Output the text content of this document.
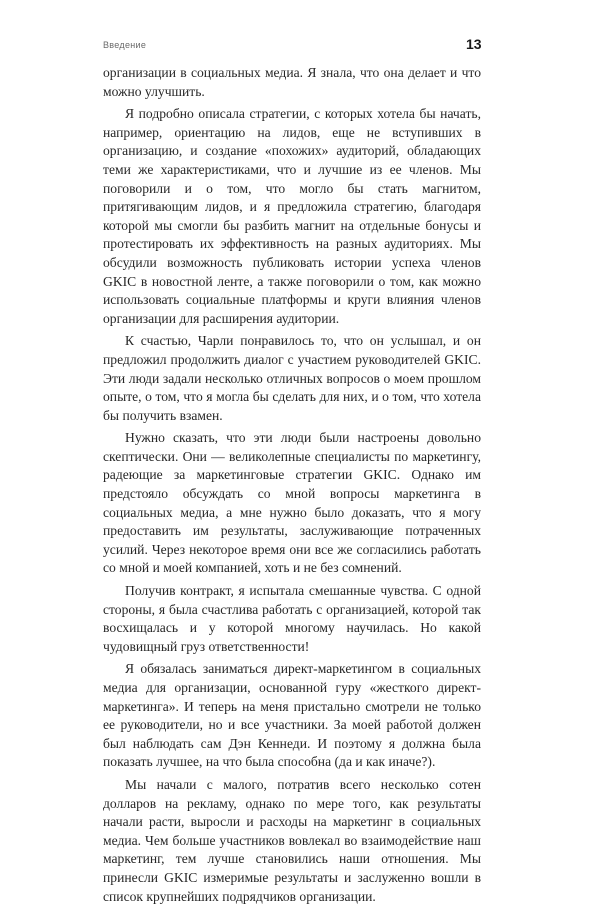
Введение	13

организации в социальных медиа. Я знала, что она делает и что можно улучшить.

Я подробно описала стратегии, с которых хотела бы начать, например, ориентацию на лидов, еще не вступивших в организацию, и создание «похожих» аудиторий, обладающих теми же характеристиками, что и лучшие из ее членов. Мы поговорили и о том, что могло бы стать магнитом, притягивающим лидов, и я предложила стратегию, благодаря которой мы смогли бы разбить магнит на отдельные бонусы и протестировать их эффективность на разных аудиториях. Мы обсудили возможность публиковать истории успеха членов GKIC в новостной ленте, а также поговорили о том, как можно использовать социальные платформы и круги влияния членов организации для расширения аудитории.

К счастью, Чарли понравилось то, что он услышал, и он предложил продолжить диалог с участием руководителей GKIC. Эти люди задали несколько отличных вопросов о моем прошлом опыте, о том, что я могла бы сделать для них, и о том, что хотела бы получить взамен.

Нужно сказать, что эти люди были настроены довольно скептически. Они — великолепные специалисты по маркетингу, радеющие за маркетинговые стратегии GKIC. Однако им предстояло обсуждать со мной вопросы маркетинга в социальных медиа, а мне нужно было доказать, что я могу предоставить им результаты, заслуживающие потраченных усилий. Через некоторое время они все же согласились работать со мной и моей компанией, хоть и не без сомнений.

Получив контракт, я испытала смешанные чувства. С одной стороны, я была счастлива работать с организацией, которой так восхищалась и у которой многому научилась. Но какой чудовищный груз ответственности!

Я обязалась заниматься директ-маркетингом в социальных медиа для организации, основанной гуру «жесткого директ-маркетинга». И теперь на меня пристально смотрели не только ее руководители, но и все участники. За моей работой должен был наблюдать сам Дэн Кеннеди. И поэтому я должна была показать лучшее, на что была способна (да и как иначе?).

Мы начали с малого, потратив всего несколько сотен долларов на рекламу, однако по мере того, как результаты начали расти, выросли и расходы на маркетинг в социальных медиа. Чем больше участников вовлекал во взаимодействие наш маркетинг, тем лучше становились наши отношения. Мы принесли GKIC измеримые результаты и заслуженно вошли в список крупнейших подрядчиков организации.
